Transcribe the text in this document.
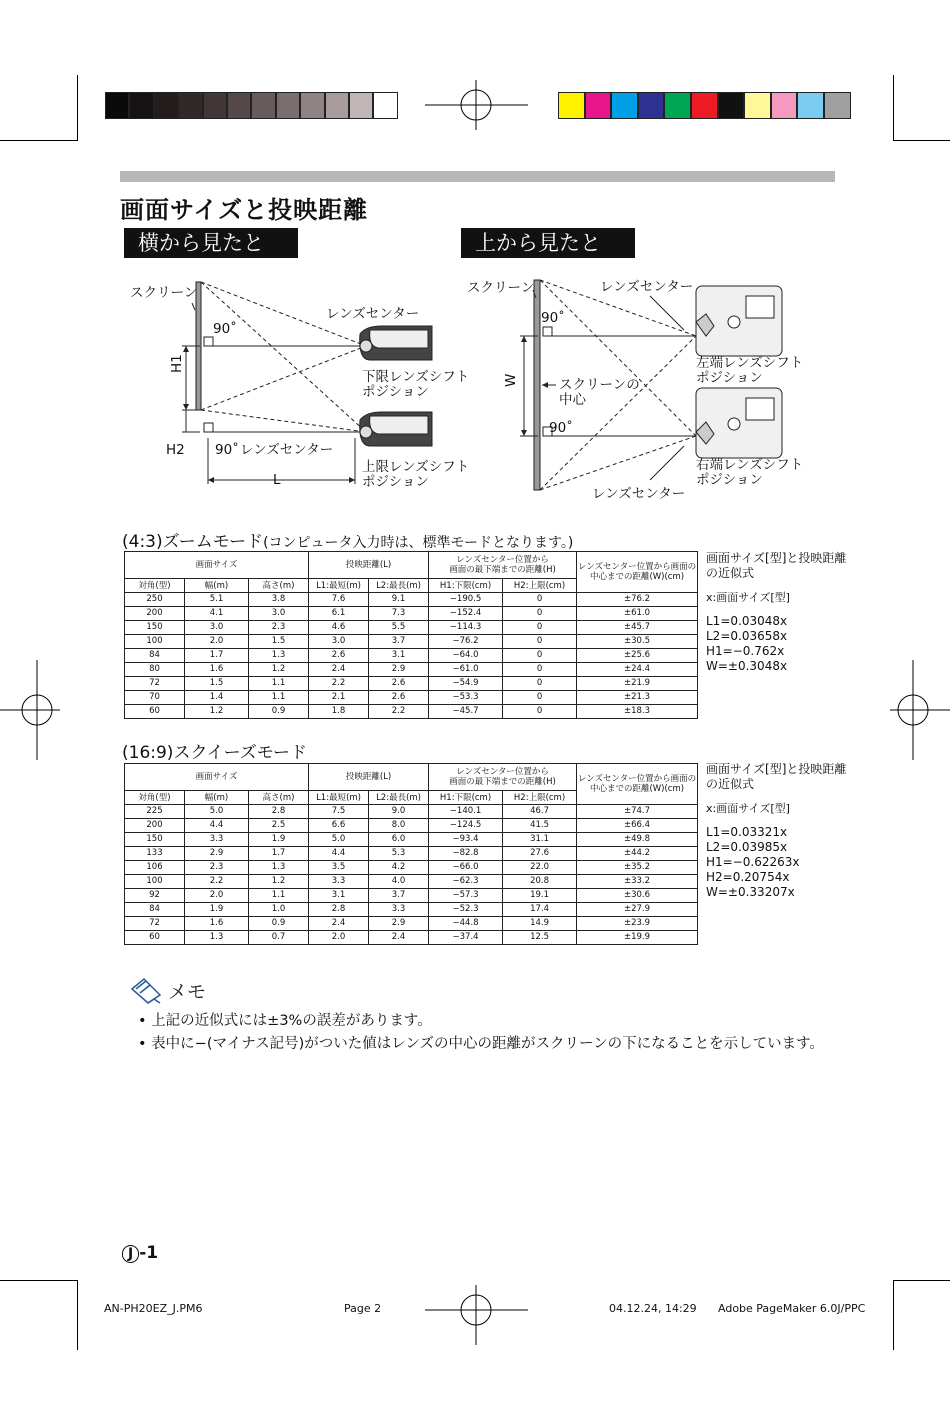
画面サイズと投映距離
横から見たとき
上から見たとき
スクリーン
90˚
レンズセンター
下限レンズシフト
ポジション
H1
H2 90˚ レンズセンター
上限レンズシフト
ポジション
L
スクリーン	レンズセンター
90˚
W	スクリーンの
中心
90˚
左端レンズシフト
ポジション
右端レンズシフト
ポジション
レンズセンター
(4:3)ズームモード(コンピュータ入力時は、標準モードとなります。)
画面サイズ			投映距離(L)		レンズセンター位置から
画面の最下端までの距離(H)		レンズセンター位置から画面の
中心までの距離(W)(cm)
対角(型)	幅(m)	高さ(m)	L1:最短(m)	L2:最長(m)	H1:下限(cm)	H2:上限(cm)	
250	5.1	3.8	7.6	9.1	−190.5	0	±76.2
200	4.1	3.0	6.1	7.3	−152.4	0	±61.0
150	3.0	2.3	4.6	5.5	−114.3	0	±45.7
100	2.0	1.5	3.0	3.7	−76.2	0	±30.5
84	1.7	1.3	2.6	3.1	−64.0	0	±25.6
80	1.6	1.2	2.4	2.9	−61.0	0	±24.4
72	1.5	1.1	2.2	2.6	−54.9	0	±21.9
70	1.4	1.1	2.1	2.6	−53.3	0	±21.3
60	1.2	0.9	1.8	2.2	−45.7	0	±18.3
画面サイズ[型]と投映距離
の近似式
x:画面サイズ[型]
L1=0.03048x
L2=0.03658x
H1=−0.762x
W=±0.3048x
(16:9)スクイーズモード
画面サイズ			投映距離(L)		レンズセンター位置から
画面の最下端までの距離(H)		レンズセンター位置から画面の
中心までの距離(W)(cm)
対角(型)	幅(m)	高さ(m)	L1:最短(m)	L2:最長(m)	H1:下限(cm)	H2:上限(cm)	
225	5.0	2.8	7.5	9.0	−140.1	46.7	±74.7
200	4.4	2.5	6.6	8.0	−124.5	41.5	±66.4
150	3.3	1.9	5.0	6.0	−93.4	31.1	±49.8
133	2.9	1.7	4.4	5.3	−82.8	27.6	±44.2
106	2.3	1.3	3.5	4.2	−66.0	22.0	±35.2
100	2.2	1.2	3.3	4.0	−62.3	20.8	±33.2
92	2.0	1.1	3.1	3.7	−57.3	19.1	±30.6
84	1.9	1.0	2.8	3.3	−52.3	17.4	±27.9
72	1.6	0.9	2.4	2.9	−44.8	14.9	±23.9
60	1.3	0.7	2.0	2.4	−37.4	12.5	±19.9
画面サイズ[型]と投映距離
の近似式
x:画面サイズ[型]
L1=0.03321x
L2=0.03985x
H1=−0.62263x
H2=0.20754x
W=±0.33207x
メモ
• 上記の近似式には±3%の誤差があります。
• 表中に−(マイナス記号)がついた値はレンズの中心の距離がスクリーンの下になることを示しています。
J -1
AN-PH20EZ_J.PM6	Page 2	04.12.24, 14:29 Adobe PageMaker 6.0J/PPC
